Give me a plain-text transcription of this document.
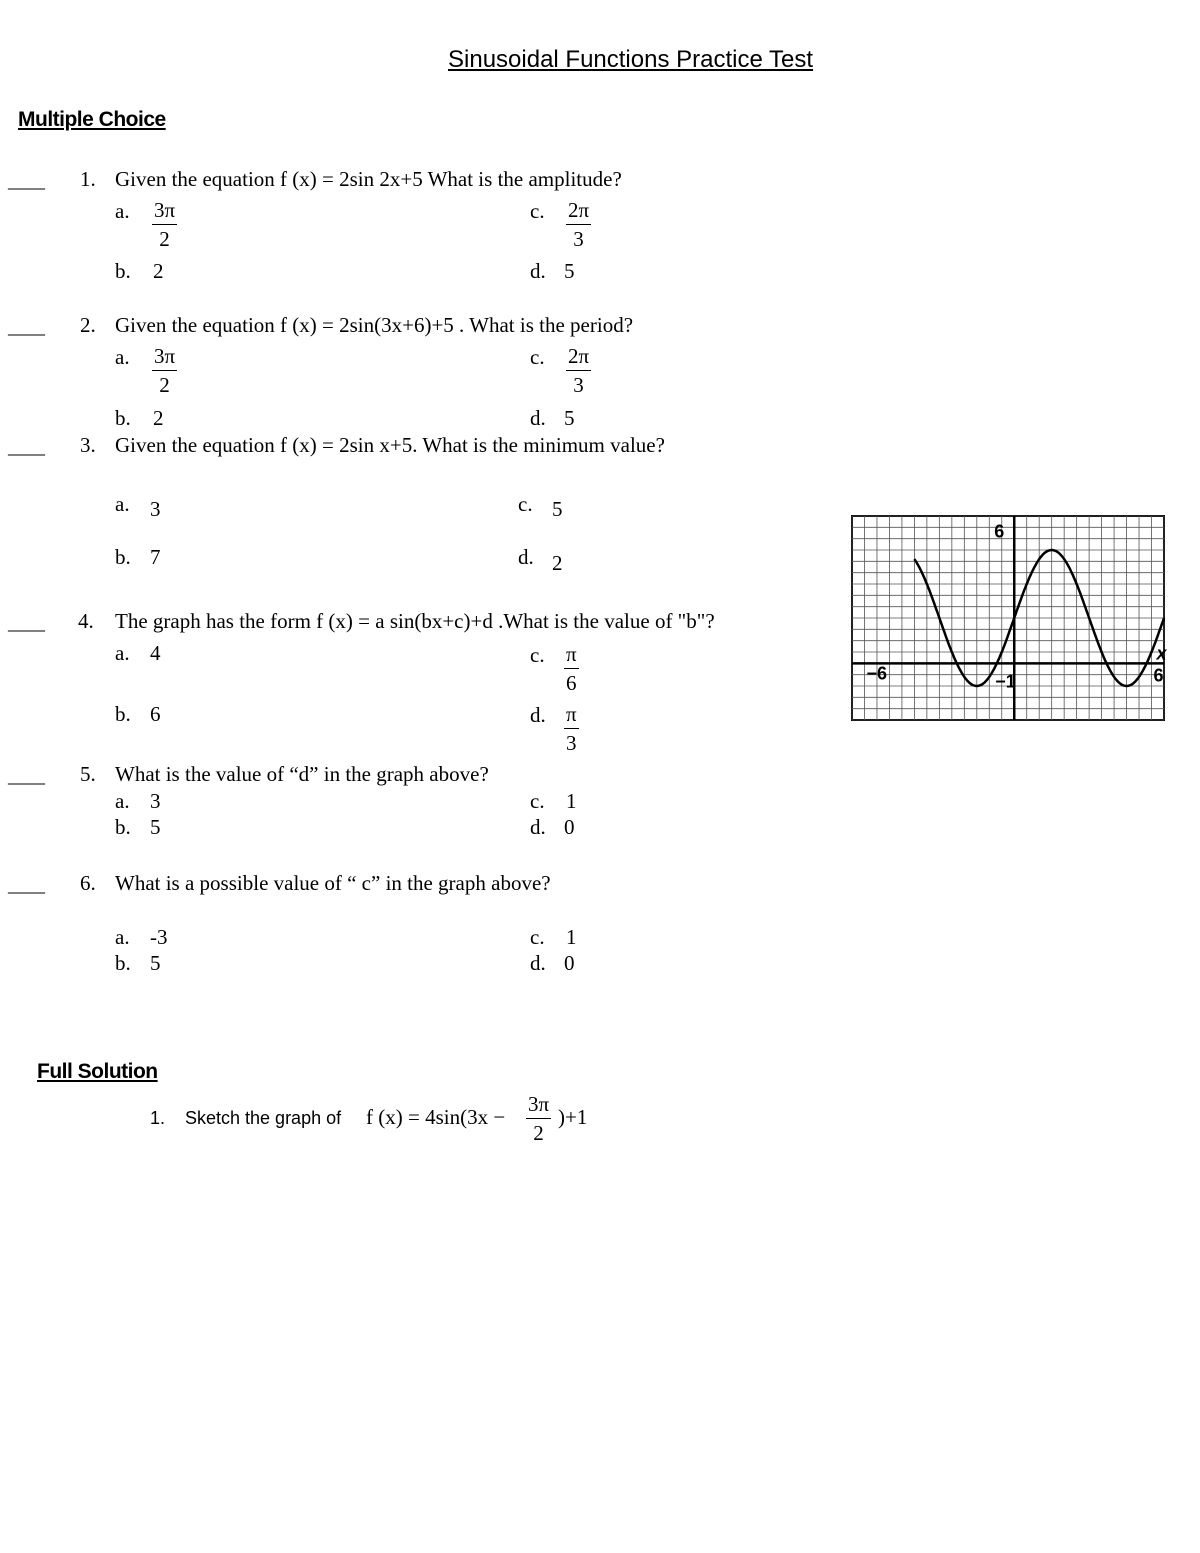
Sinusoidal Functions Practice Test
Multiple Choice
____ 1. Given the equation f (x) = 2sin 2x+5 What is the amplitude?
a. $\frac{3\pi}{2}$	c. $\frac{2\pi}{3}$
b. 2	d. 5
____ 2. Given the equation f (x) = 2sin(3x+6)+5 . What is the period?
a. $\frac{3\pi}{2}$	c. $\frac{2\pi}{3}$
b. 2	d. 5
____ 3. Given the equation f (x) = 2sin x+5. What is the minimum value?
a. 3	c. 5
b. 7	d. 2
____ 4. The graph has the form f (x) = a sin(bx+c)+d .What is the value of "b"?
a. 4	c. $\frac{\pi}{6}$
b. 6	d. $\frac{\pi}{3}$
____ 5. What is the value of “d” in the graph above?
a. 3	c. 1
b. 5	d. 0
____ 6. What is a possible value of “ c” in the graph above?
a. -3	c. 1
b. 5	d. 0
Full Solution
1. Sketch the graph of f $(x) = 4\sin(3x - \frac{3\pi}{2} )+1$
−6	−1	6
6
x
